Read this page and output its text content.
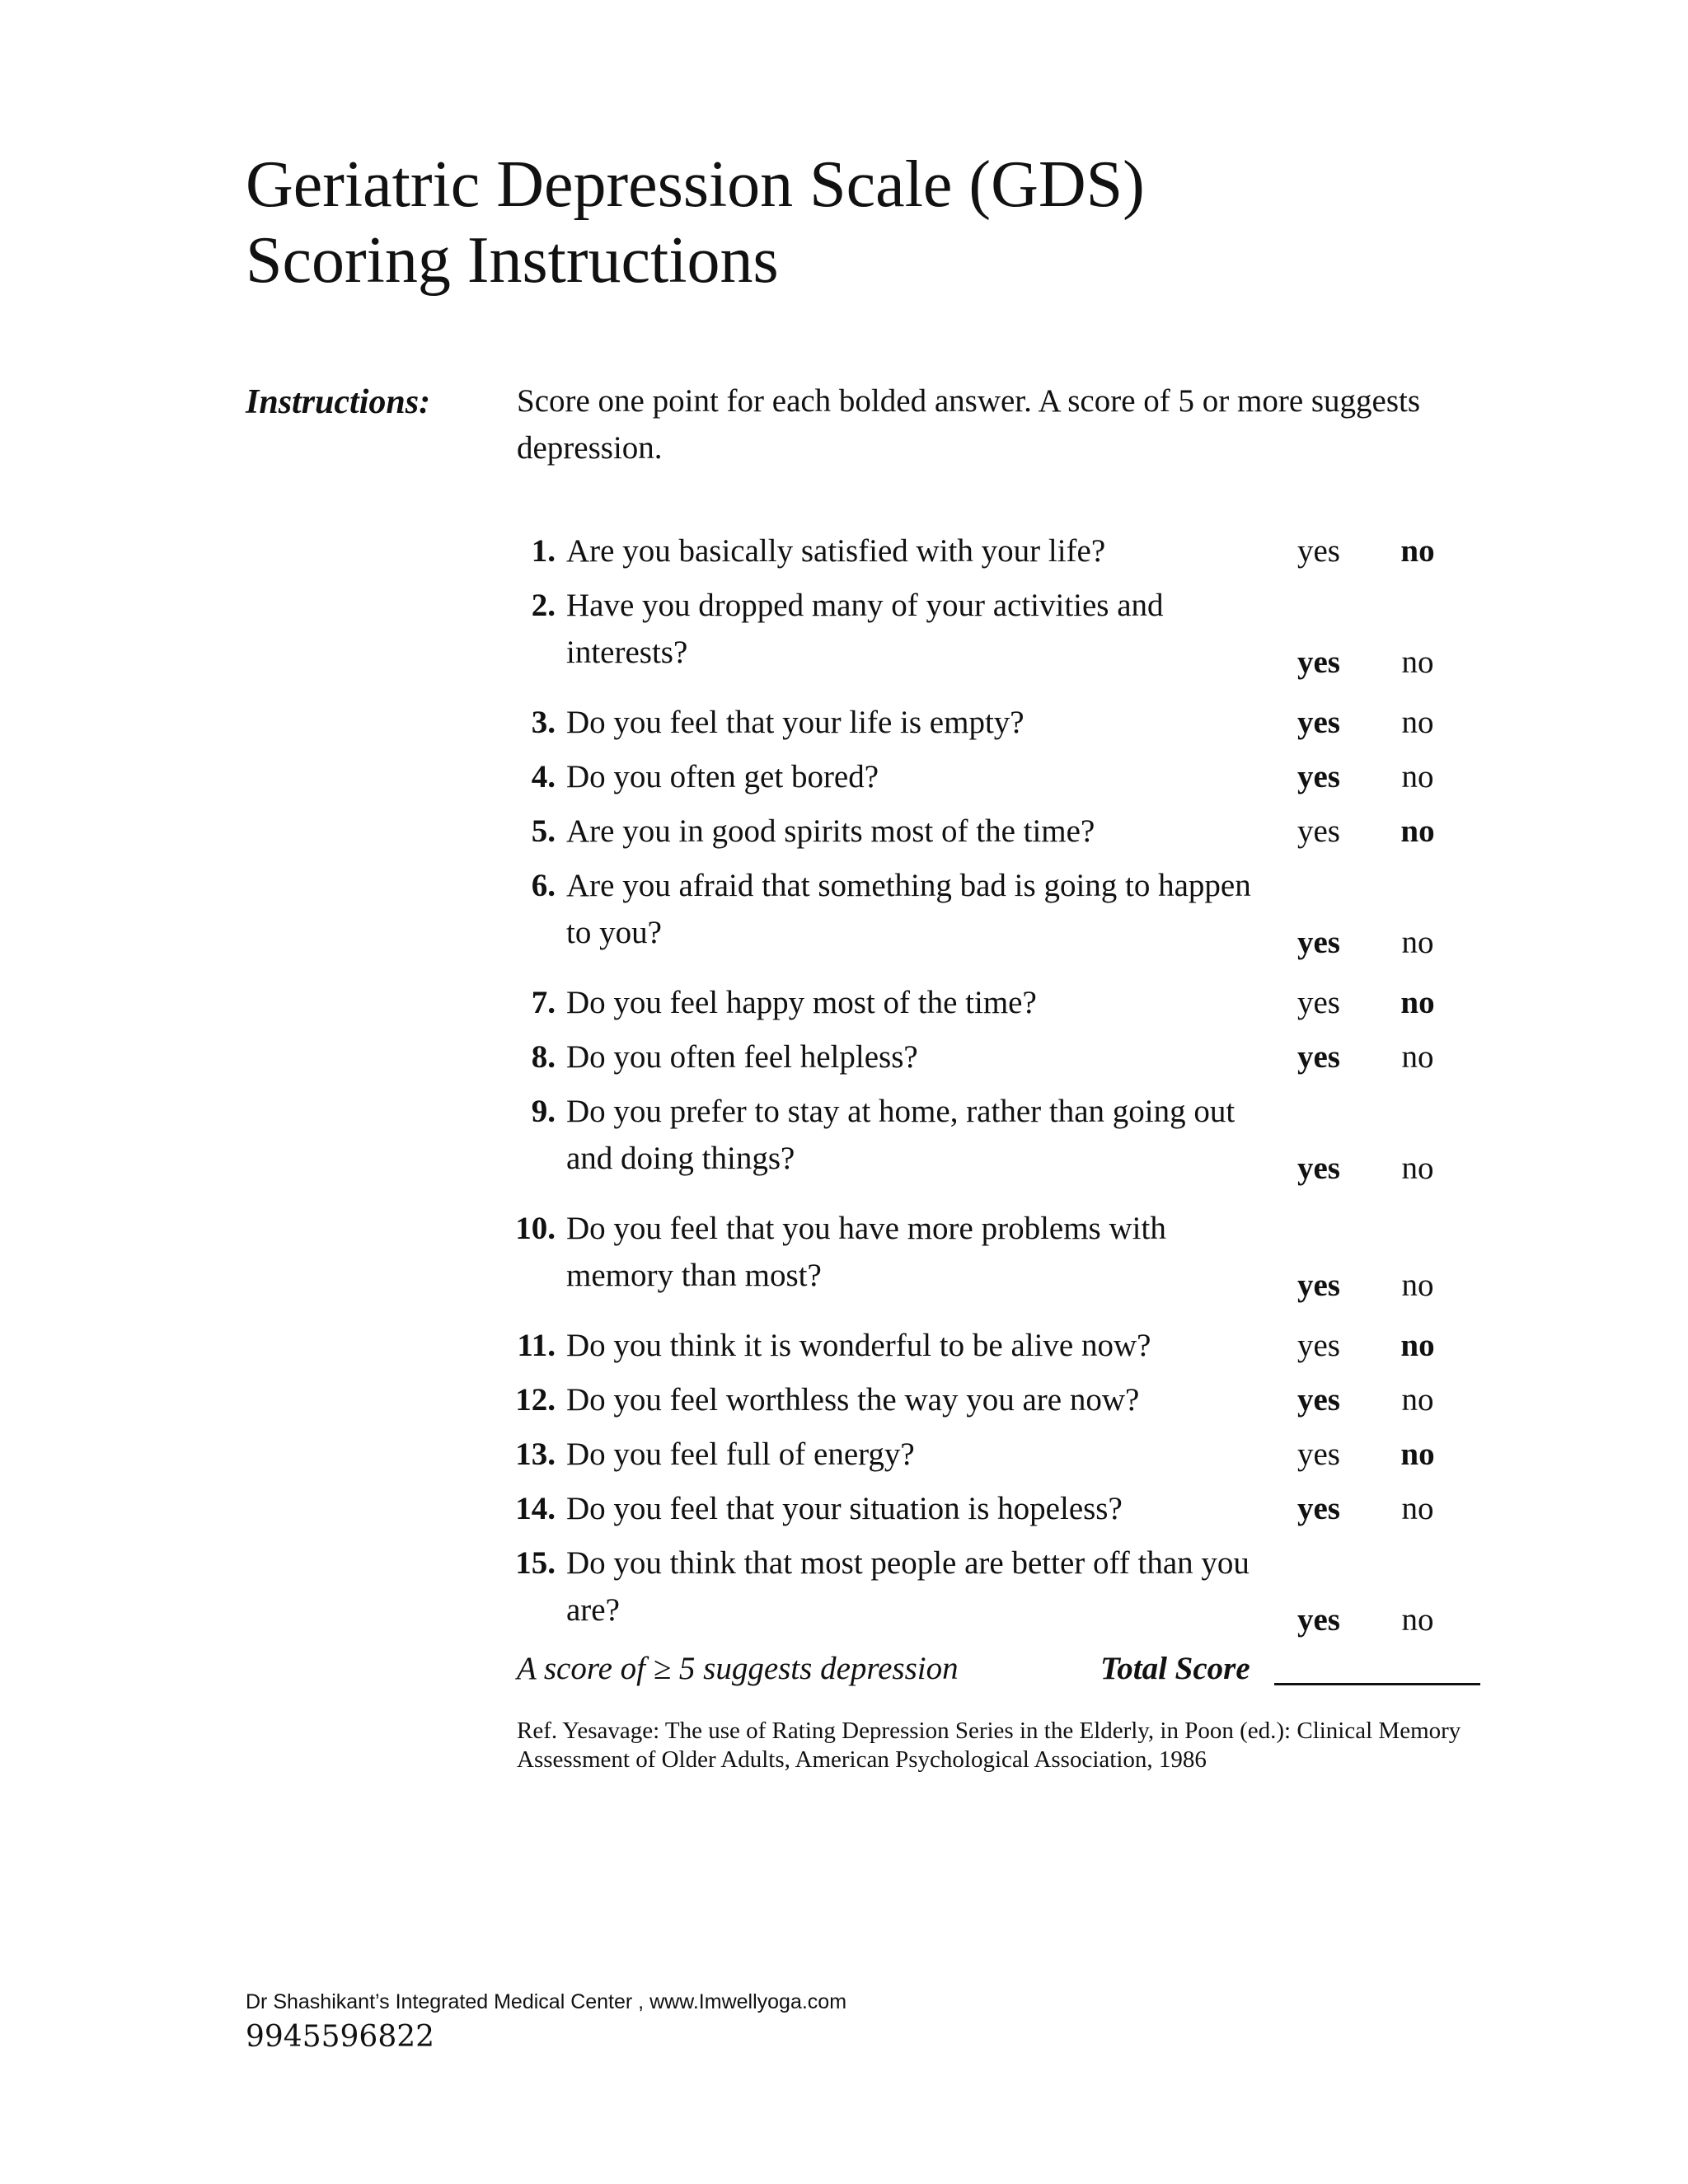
Geriatric Depression Scale (GDS)
Scoring Instructions
Instructions:	Score one point for each bolded answer. A score of 5 or more suggests depression.
1. Are you basically satisfied with your life?	yes	no
2. Have you dropped many of your activities and interests?	yes	no
3. Do you feel that your life is empty?	yes	no
4. Do you often get bored?	yes	no
5. Are you in good spirits most of the time?	yes	no
6. Are you afraid that something bad is going to happen to you?	yes	no
7. Do you feel happy most of the time?	yes	no
8. Do you often feel helpless?	yes	no
9. Do you prefer to stay at home, rather than going out and doing things?	yes	no
10. Do you feel that you have more problems with memory than most?	yes	no
11. Do you think it is wonderful to be alive now?	yes	no
12. Do you feel worthless the way you are now?	yes	no
13. Do you feel full of energy?	yes	no
14. Do you feel that your situation is hopeless?	yes	no
15. Do you think that most people are better off than you are?	yes	no
A score of ≥ 5 suggests depression	Total Score
Ref. Yesavage: The use of Rating Depression Series in the Elderly, in Poon (ed.): Clinical Memory Assessment of Older Adults, American Psychological Association, 1986
Dr Shashikant’s Integrated Medical Center , www.Imwellyoga.com
9945596822
